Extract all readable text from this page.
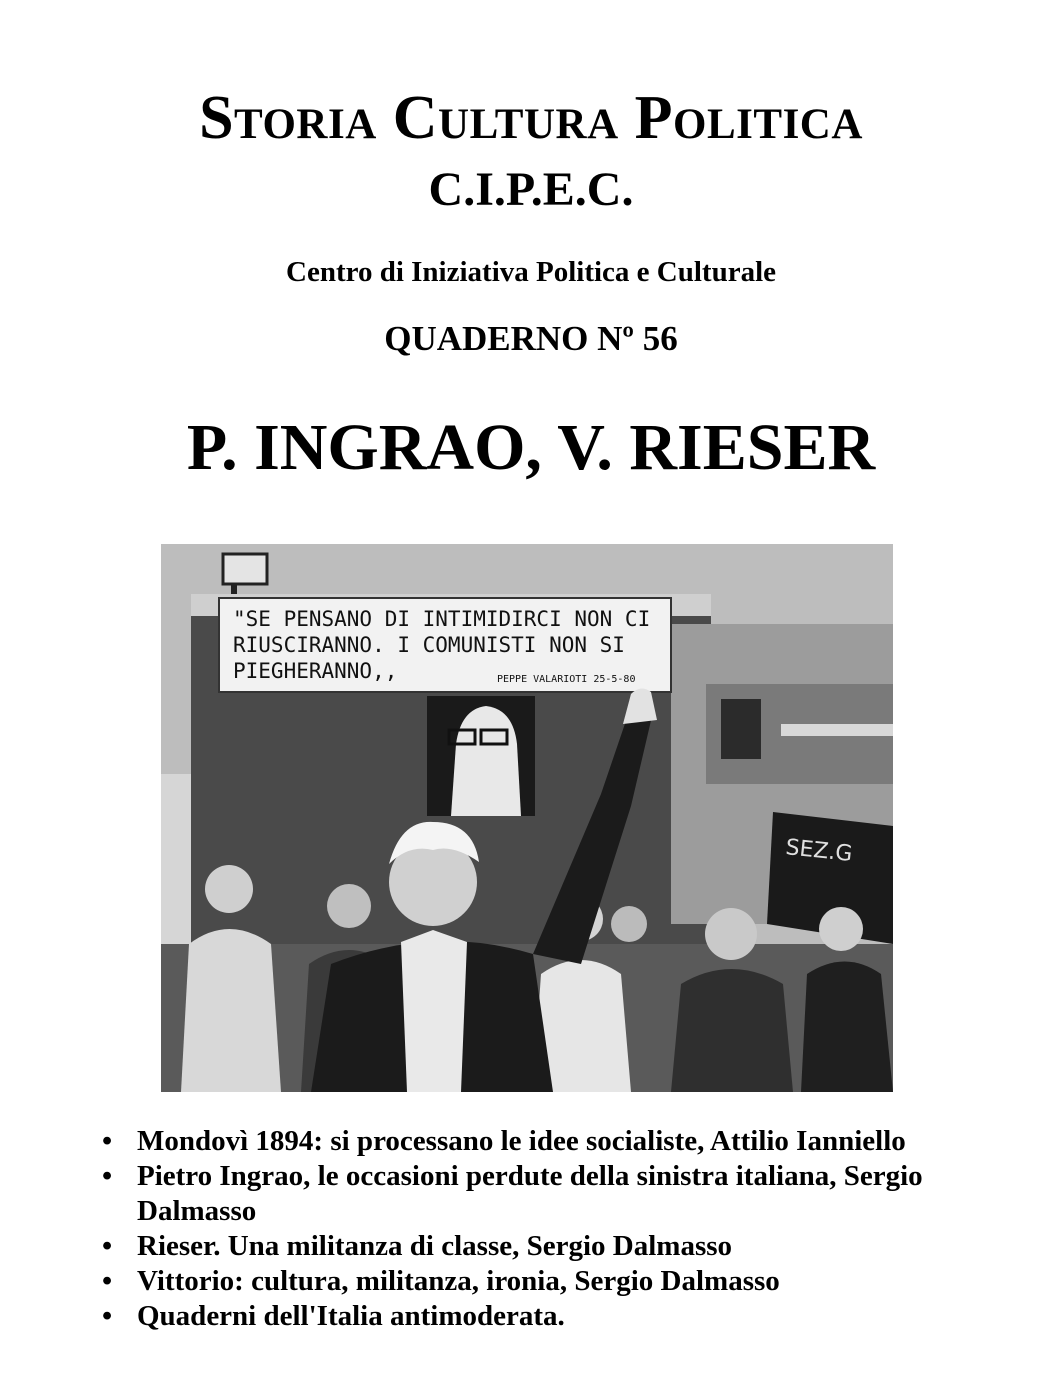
Storia Cultura Politica
C.I.P.E.C.
Centro di Iniziativa Politica e Culturale
QUADERNO Nº 56
P. INGRAO, V. RIESER
"SE PENSANO DI INTIMIDIRCI NON CI
RIUSCIRANNO. I COMUNISTI NON SI
PIEGHERANNO,,	PEPPE VALARIOTI 25-5-80
SEZ.G
• Mondovì 1894: si processano le idee socialiste, Attilio Ianniello
• Pietro Ingrao, le occasioni perdute della sinistra italiana, Sergio Dalmasso
• Rieser. Una militanza di classe, Sergio Dalmasso
• Vittorio: cultura, militanza, ironia, Sergio Dalmasso
• Quaderni dell'Italia antimoderata.
